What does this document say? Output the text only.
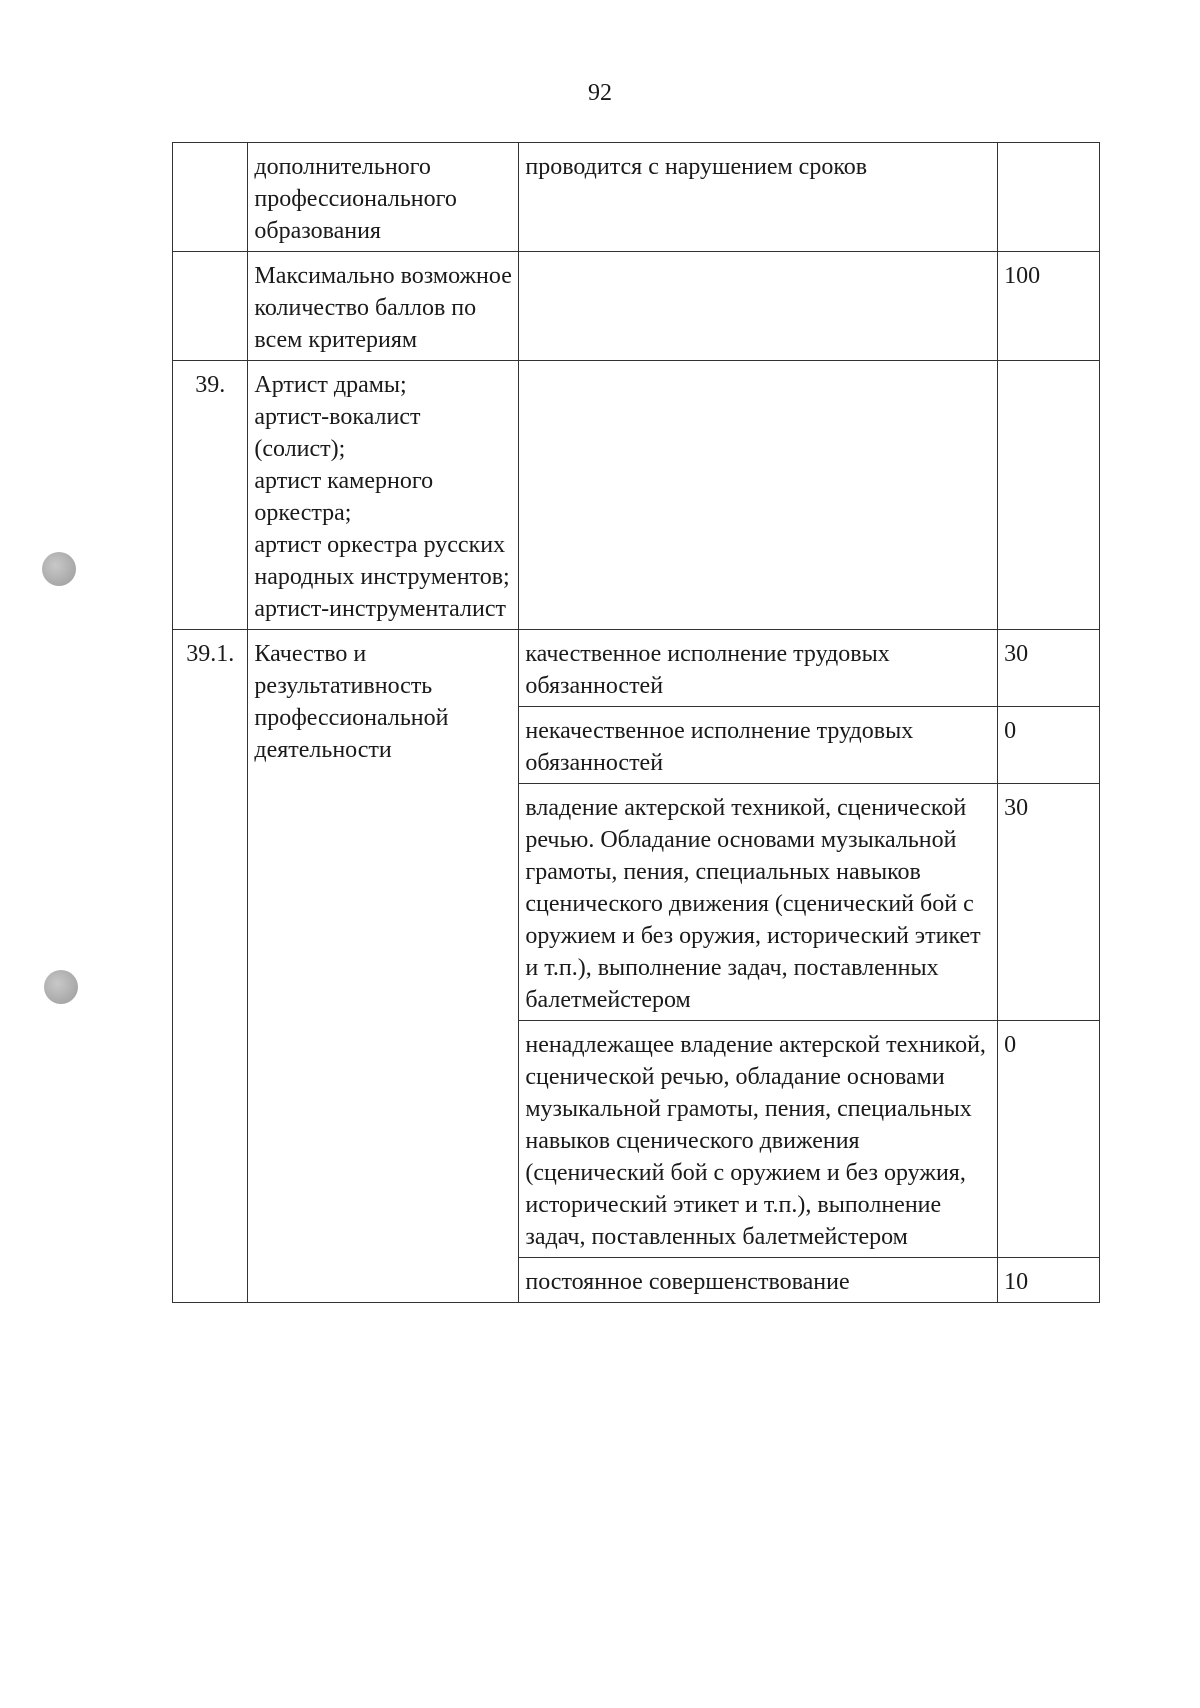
92
	дополнительного профессионального образования	проводится с нарушением сроков	
	Максимально возможное количество баллов по всем критериям		100
39.	Артист драмы;
артист-вокалист (солист);
артист камерного оркестра;
артист оркестра русских народных инструментов;
артист-инструменталист		
39.1.	Качество и результативность профессиональной деятельности	качественное исполнение трудовых обязанностей	30
		некачественное исполнение трудовых обязанностей	0
		владение актерской техникой, сценической речью. Обладание основами музыкальной грамоты, пения, специальных навыков сценического движения (сценический бой с оружием и без оружия, исторический этикет и т.п.), выполнение задач, поставленных балетмейстером	30
		ненадлежащее владение актерской техникой, сценической речью, обладание основами музыкальной грамоты, пения, специальных навыков сценического движения (сценический бой с оружием и без оружия, исторический этикет и т.п.), выполнение задач, поставленных балетмейстером	0
		постоянное совершенствование	10
